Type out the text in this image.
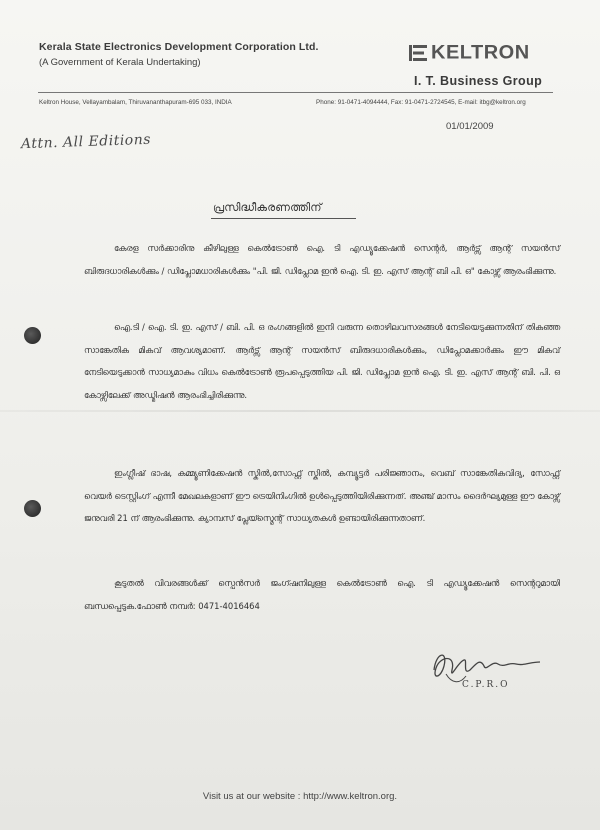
Kerala State Electronics Development Corporation Ltd.
(A Government of Kerala Undertaking)	KELTRON
I. T. Business Group
Keltron House, Vellayambalam, Thiruvananthapuram-695 033, INDIA	Phone: 91-0471-4094444, Fax: 91-0471-2724545, E-mail: itbg@keltron.org
01/01/2009
Attn. All Editions
പ്രസിദ്ധീകരണത്തിന്
കേരള സർക്കാരിനു കീഴിലുള്ള കെൽട്രോൺ ഐ. ടി എഡ്യൂക്കേഷൻ സെന്റർ, ആർട്സ് ആന്റ് സയൻസ് ബിരുദധാരികൾക്കും / ഡിപ്ലോമധാരികൾക്കും "പി. ജി. ഡിപ്ലോമ ഇൻ ഐ. ടി. ഇ. എസ് ആന്റ് ബി പി. ഒ" കോഴ്സ് ആരംഭിക്കുന്നു.
ഐ.ടി / ഐ. ടി. ഇ. എസ് / ബി. പി. ഒ രംഗങ്ങളിൽ ഇനി വരുന്ന തൊഴിലവസരങ്ങൾ നേടിയെടുക്കുന്നതിന് തികഞ്ഞ സാങ്കേതിക മികവ് ആവശ്യമാണ്. ആർട്സ് ആന്റ് സയൻസ് ബിരുദധാരികൾക്കും, ഡിപ്ലോമക്കാർക്കും ഈ മികവ് നേടിയെടുക്കാൻ സാധ്യമാകും വിധം കെൽട്രോൺ രൂപപ്പെടുത്തിയ പി. ജി. ഡിപ്ലോമ ഇൻ ഐ. ടി. ഇ. എസ് ആന്റ് ബി. പി. ഒ കോഴ്സിലേക്ക് അഡ്മിഷൻ ആരംഭിച്ചിരിക്കുന്നു.
ഇംഗ്ലീഷ് ഭാഷ, കമ്മ്യൂണിക്കേഷൻ സ്കിൽ,സോഫ്റ്റ് സ്കിൽ, കമ്പ്യൂട്ടർ പരിജ്ഞാനം, വെബ് സാങ്കേതികവിദ്യ, സോഫ്റ്റ് വെയർ ടെസ്റ്റിംഗ് എന്നീ മേഖലകളാണ് ഈ ട്രെയിനിംഗിൽ ഉൾപ്പെടുത്തിയിരിക്കുന്നത്. അഞ്ച് മാസം ദൈർഘ്യമുള്ള ഈ കോഴ്സ് ജനുവരി 21 ന് ആരംഭിക്കുന്നു. ക്യാമ്പസ് പ്ലേയ്സ്മെന്റ് സാധ്യതകൾ ഉണ്ടായിരിക്കുന്നതാണ്.
കൂടുതൽ വിവരങ്ങൾക്ക് സ്പെൻസർ ജംഗ്ഷനിലുള്ള കെൽട്രോൺ ഐ. ടി എഡ്യൂക്കേഷൻ സെന്ററുമായി ബന്ധപ്പെടുക.ഫോൺ നമ്പർ: 0471-4016464
C.P.R.O
Visit us at our website : http://www.keltron.org.
